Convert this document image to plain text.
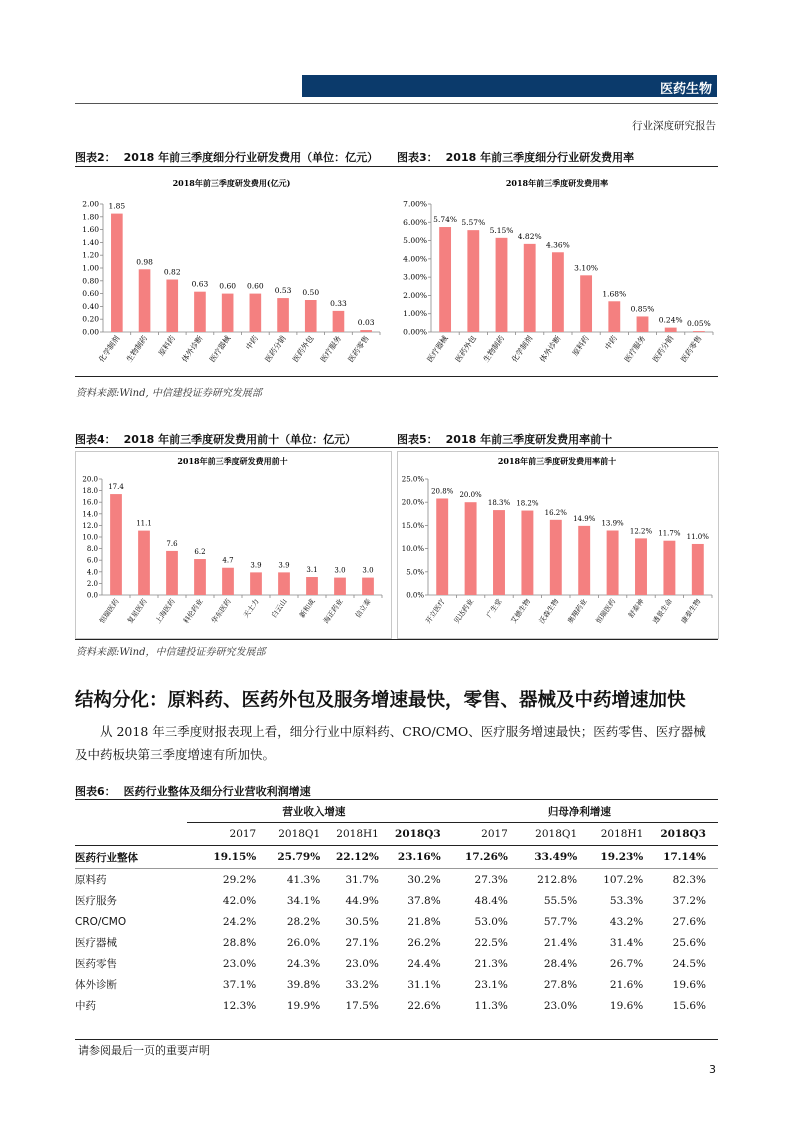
医药生物
行业深度研究报告
图表2： 2018 年前三季度细分行业研发费用（单位：亿元） 图表3： 2018 年前三季度细分行业研发费用率
2018年前三季度研发费用(亿元)
0.00
0.20
0.40
0.60
0.80
1.00
1.20
1.40
1.60
1.80
2.00 1.85
化学制剂
0.98
生物制药
0.82
原料药
0.63
体外诊断
0.60
医疗器械
0.60
中药
0.53
医药分销
0.50
医药外包
0.33
医疗服务
0.03
医药零售
2018年前三季度研发费用率
0.00%
1.00%
2.00%
3.00%
4.00%
5.00%
6.00%
7.00%
5.74%
医疗器械
5.57%
医药外包
5.15%
生物制药
4.82%
化学制剂
4.36%
体外诊断
3.10%
原料药
1.68%
中药
0.85%
医疗服务
0.24%
医药分销
0.05%
医药零售
资料来源:Wind, 中信建投证券研究发展部
图表4： 2018 年前三季度研发费用前十（单位：亿元）	图表5： 2018 年前三季度研发费用率前十
2018年前三季度研发费用前十
0.0
2.0
4.0
6.0
8.0
10.0
12.0
14.0
16.0
18.0
20.0
17.4
恒瑞医药
11.1
复星医药
7.6
上海医药
6.2
科伦药业
4.7
华东医药
3.9
天士力
3.9
白云山
3.1
新和成
3.0
海正药业
3.0
信立泰
2018年前三季度研发费用率前十
0.0%
5.0%
10.0%
15.0%
20.0%
25.0%
20.8%
开立医疗
20.0%
贝达药业
18.3%
广生堂
18.2%
艾德生物
16.2%
沃森生物
14.9%
奥翔药业
13.9%
恒瑞医药
12.2%
舒泰神
11.7%
透景生命
11.0%
康泰生物
资料来源:Wind，中信建投证券研究发展部
结构分化：原料药、医药外包及服务增速最快，零售、器械及中药增速加快
从 2018 年三季度财报表现上看，细分行业中原料药、CRO/CMO、医疗服务增速最快；医药零售、医疗器械及中药板块第三季度增速有所加快。
图表6： 医药行业整体及细分行业营收利润增速
	营业收入增速				归母净利增速			
	2017	2018Q1	2018H1	2018Q3	2017	2018Q1	2018H1	2018Q3
医药行业整体	19.15%	25.79%	22.12%	23.16%	17.26%	33.49%	19.23%	17.14%
原料药	29.2%	41.3%	31.7%	30.2%	27.3%	212.8%	107.2%	82.3%
医疗服务	42.0%	34.1%	44.9%	37.8%	48.4%	55.5%	53.3%	37.2%
CRO/CMO	24.2%	28.2%	30.5%	21.8%	53.0%	57.7%	43.2%	27.6%
医疗器械	28.8%	26.0%	27.1%	26.2%	22.5%	21.4%	31.4%	25.6%
医药零售	23.0%	24.3%	23.0%	24.4%	21.3%	28.4%	26.7%	24.5%
体外诊断	37.1%	39.8%	33.2%	31.1%	23.1%	27.8%	21.6%	19.6%
中药	12.3%	19.9%	17.5%	22.6%	11.3%	23.0%	19.6%	15.6%
请参阅最后一页的重要声明
3
